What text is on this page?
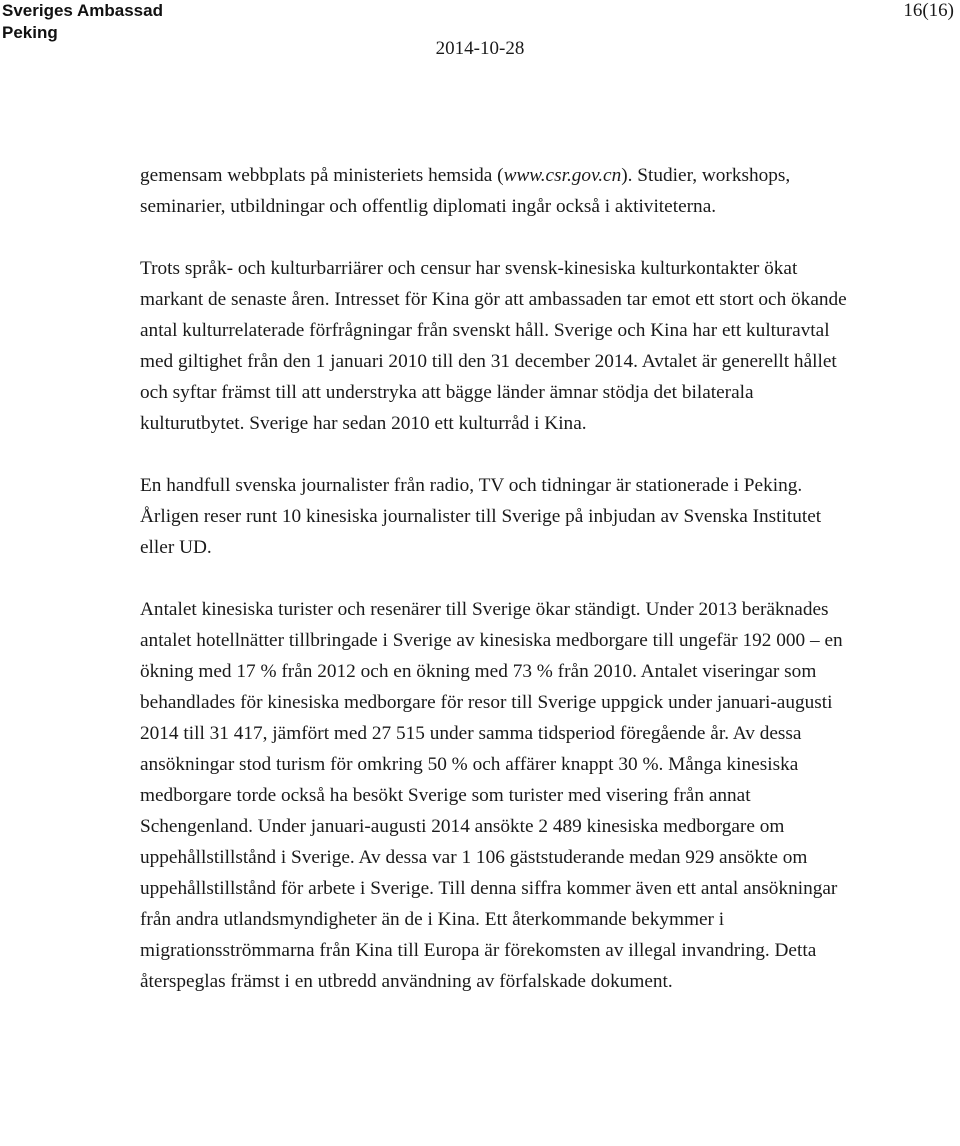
Sveriges Ambassad
Peking
16(16)
2014-10-28

gemensam webbplats på ministeriets hemsida (www.csr.gov.cn). Studier, workshops, seminarier, utbildningar och offentlig diplomati ingår också i aktiviteterna.

Trots språk- och kulturbarriärer och censur har svensk-kinesiska kulturkontakter ökat markant de senaste åren. Intresset för Kina gör att ambassaden tar emot ett stort och ökande antal kulturrelaterade förfrågningar från svenskt håll. Sverige och Kina har ett kulturavtal med giltighet från den 1 januari 2010 till den 31 december 2014. Avtalet är generellt hållet och syftar främst till att understryka att bägge länder ämnar stödja det bilaterala kulturutbytet. Sverige har sedan 2010 ett kulturråd i Kina.

En handfull svenska journalister från radio, TV och tidningar är stationerade i Peking. Årligen reser runt 10 kinesiska journalister till Sverige på inbjudan av Svenska Institutet eller UD.

Antalet kinesiska turister och resenärer till Sverige ökar ständigt. Under 2013 beräknades antalet hotellnätter tillbringade i Sverige av kinesiska medborgare till ungefär 192 000 – en ökning med 17 % från 2012 och en ökning med 73 % från 2010. Antalet viseringar som behandlades för kinesiska medborgare för resor till Sverige uppgick under januari-augusti 2014 till 31 417, jämfört med 27 515 under samma tidsperiod föregående år. Av dessa ansökningar stod turism för omkring 50 % och affärer knappt 30 %. Många kinesiska medborgare torde också ha besökt Sverige som turister med visering från annat Schengenland. Under januari-augusti 2014 ansökte 2 489 kinesiska medborgare om uppehållstillstånd i Sverige. Av dessa var 1 106 gäststuderande medan 929 ansökte om uppehållstillstånd för arbete i Sverige. Till denna siffra kommer även ett antal ansökningar från andra utlandsmyndigheter än de i Kina. Ett återkommande bekymmer i migrationsströmmarna från Kina till Europa är förekomsten av illegal invandring. Detta återspeglas främst i en utbredd användning av förfalskade dokument.
